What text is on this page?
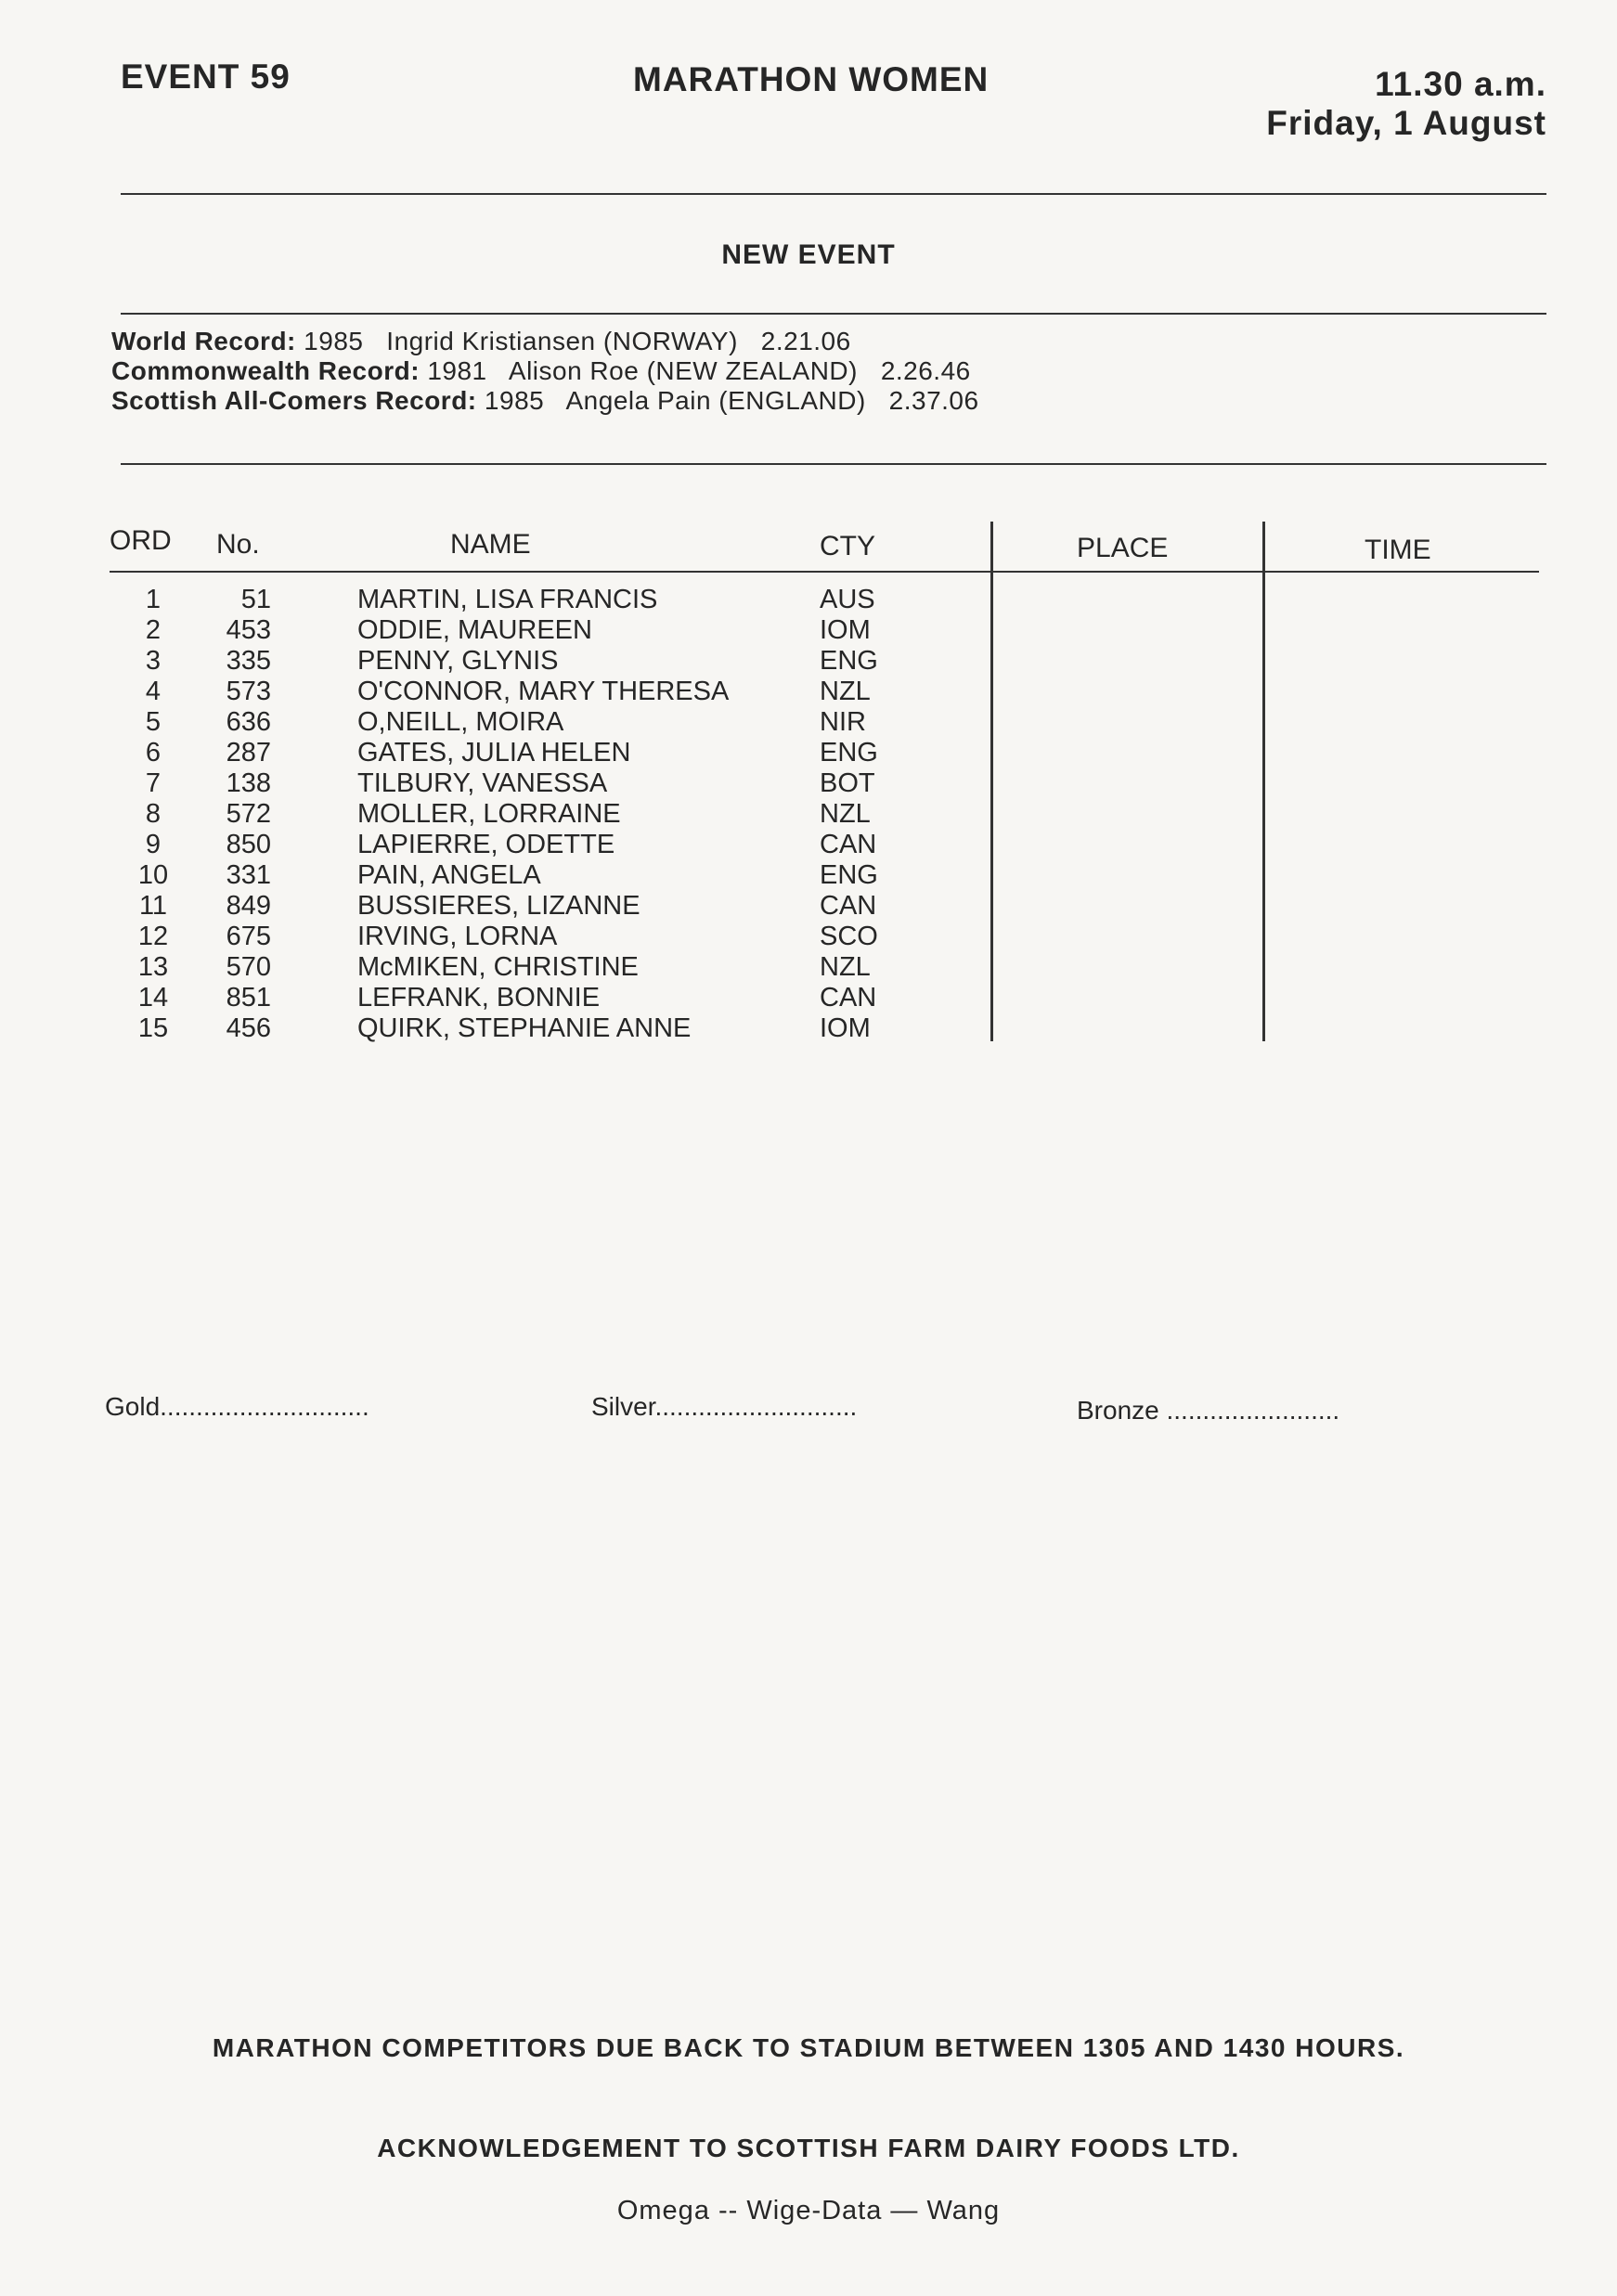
EVENT 59	MARATHON WOMEN	11.30 a.m.
Friday, 1 August
NEW EVENT
World Record: 1985   Ingrid Kristiansen (NORWAY)   2.21.06
Commonwealth Record: 1981   Alison Roe (NEW ZEALAND)   2.26.46
Scottish All-Comers Record: 1985   Angela Pain (ENGLAND)   2.37.06
ORD No.	NAME	CTY	PLACE	TIME
1	51	MARTIN, LISA FRANCIS	AUS
2	453	ODDIE, MAUREEN	IOM
3	335	PENNY, GLYNIS	ENG
4	573	O'CONNOR, MARY THERESA	NZL
5	636	O,NEILL, MOIRA	NIR
6	287	GATES, JULIA HELEN	ENG
7	138	TILBURY, VANESSA	BOT
8	572	MOLLER, LORRAINE	NZL
9	850	LAPIERRE, ODETTE	CAN
10	331	PAIN, ANGELA	ENG
11	849	BUSSIERES, LIZANNE	CAN
12	675	IRVING, LORNA	SCO
13	570	McMIKEN, CHRISTINE	NZL
14	851	LEFRANK, BONNIE	CAN
15	456	QUIRK, STEPHANIE ANNE	IOM
Gold.............................	Silver............................	Bronze ........................
MARATHON COMPETITORS DUE BACK TO STADIUM BETWEEN 1305 AND 1430 HOURS.
ACKNOWLEDGEMENT TO SCOTTISH FARM DAIRY FOODS LTD.
Omega -- Wige-Data — Wang
